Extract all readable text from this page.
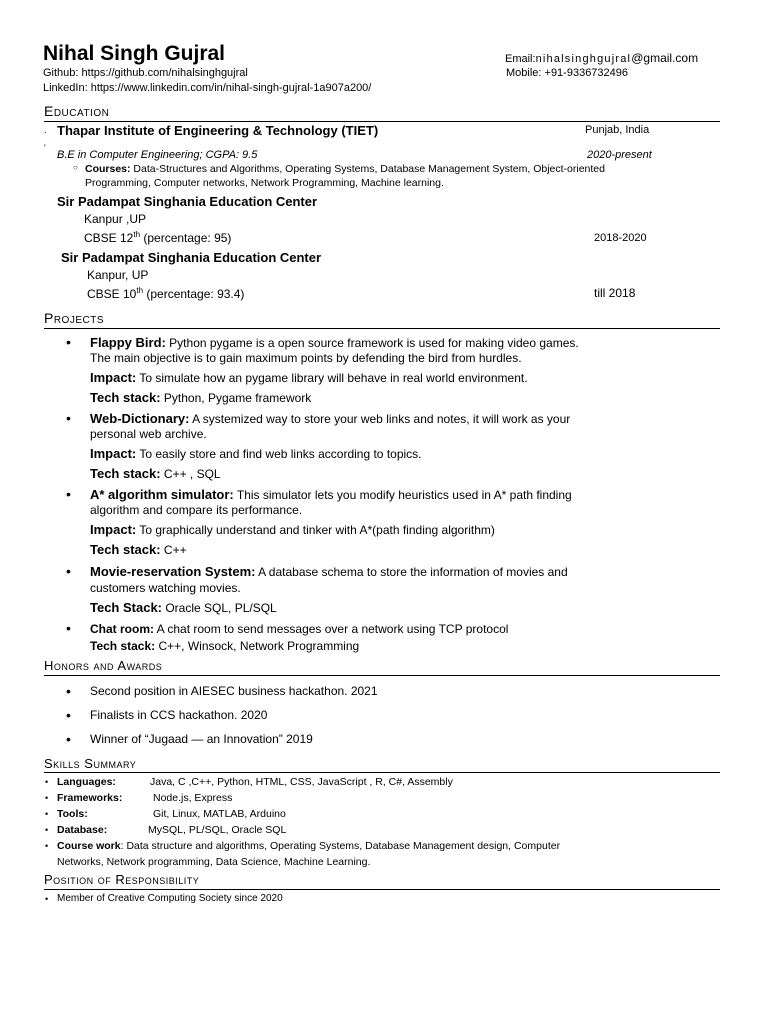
Nihal Singh Gujral
Github: https://github.com/nihalsinghgujral
LinkedIn: https://www.linkedin.com/in/nihal-singh-gujral-1a907a200/
Email:nihalsinghgujral@gmail.com
Mobile: +91-9336732496
Education
. Thapar Institute of Engineering & Technology (TIET)	Punjab, India
'
B.E in Computer Engineering; CGPA: 9.5	2020-present
○ Courses: Data-Structures and Algorithms, Operating Systems, Database Management System, Object-oriented
Programming, Computer networks, Network Programming, Machine learning.
Sir Padampat Singhania Education Center
Kanpur ,UP
CBSE 12th (percentage: 95)	2018-2020
Sir Padampat Singhania Education Center
Kanpur, UP
CBSE 10th (percentage: 93.4)	till 2018
Projects
• Flappy Bird: Python pygame is a open source framework is used for making video games.
The main objective is to gain maximum points by defending the bird from hurdles.
Impact: To simulate how an pygame library will behave in real world environment.
Tech stack: Python, Pygame framework
• Web-Dictionary: A systemized way to store your web links and notes, it will work as your
personal web archive.
Impact: To easily store and find web links according to topics.
Tech stack: C++ , SQL
• A* algorithm simulator: This simulator lets you modify heuristics used in A* path finding
algorithm and compare its performance.
Impact: To graphically understand and tinker with A*(path finding algorithm)
Tech stack: C++
• Movie-reservation System: A database schema to store the information of movies and
customers watching movies.
Tech Stack: Oracle SQL, PL/SQL
• Chat room: A chat room to send messages over a network using TCP protocol
Tech stack: C++, Winsock, Network Programming
Honors and Awards
• Second position in AIESEC business hackathon. 2021
• Finalists in CCS hackathon. 2020
• Winner of “Jugaad — an Innovation” 2019
Skills Summary
• Languages:	Java, C ,C++, Python, HTML, CSS, JavaScript , R, C#, Assembly
• Frameworks:	Node.js, Express
• Tools:	Git, Linux, MATLAB, Arduino
• Database:	MySQL, PL/SQL, Oracle SQL
• Course work: Data structure and algorithms, Operating Systems, Database Management design, Computer
Networks, Network programming, Data Science, Machine Learning.
Position of Responsibility
• Member of Creative Computing Society since 2020
